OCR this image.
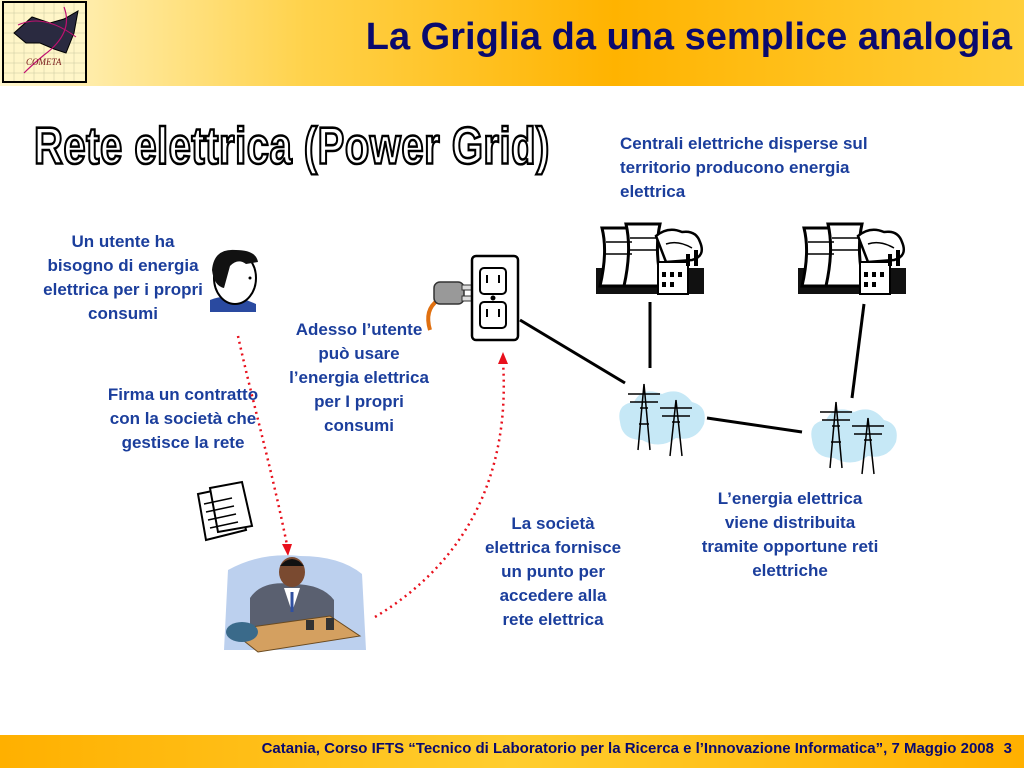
COMETA
La Griglia da una semplice analogia
Rete elettrica (Power Grid)	Centrali elettriche disperse sul territorio producono energia elettrica
Un utente ha bisogno di energia elettrica per i propri consumi
Firma un contratto con la società che gestisce la rete
Adesso l’utente può usare l’energia elettrica per I propri consumi
La società elettrica fornisce un punto per accedere alla rete elettrica
L’energia elettrica viene distribuita tramite opportune reti elettriche
Catania, Corso IFTS “Tecnico di Laboratorio per la Ricerca e l’Innovazione Informatica”, 7 Maggio 2008 3
